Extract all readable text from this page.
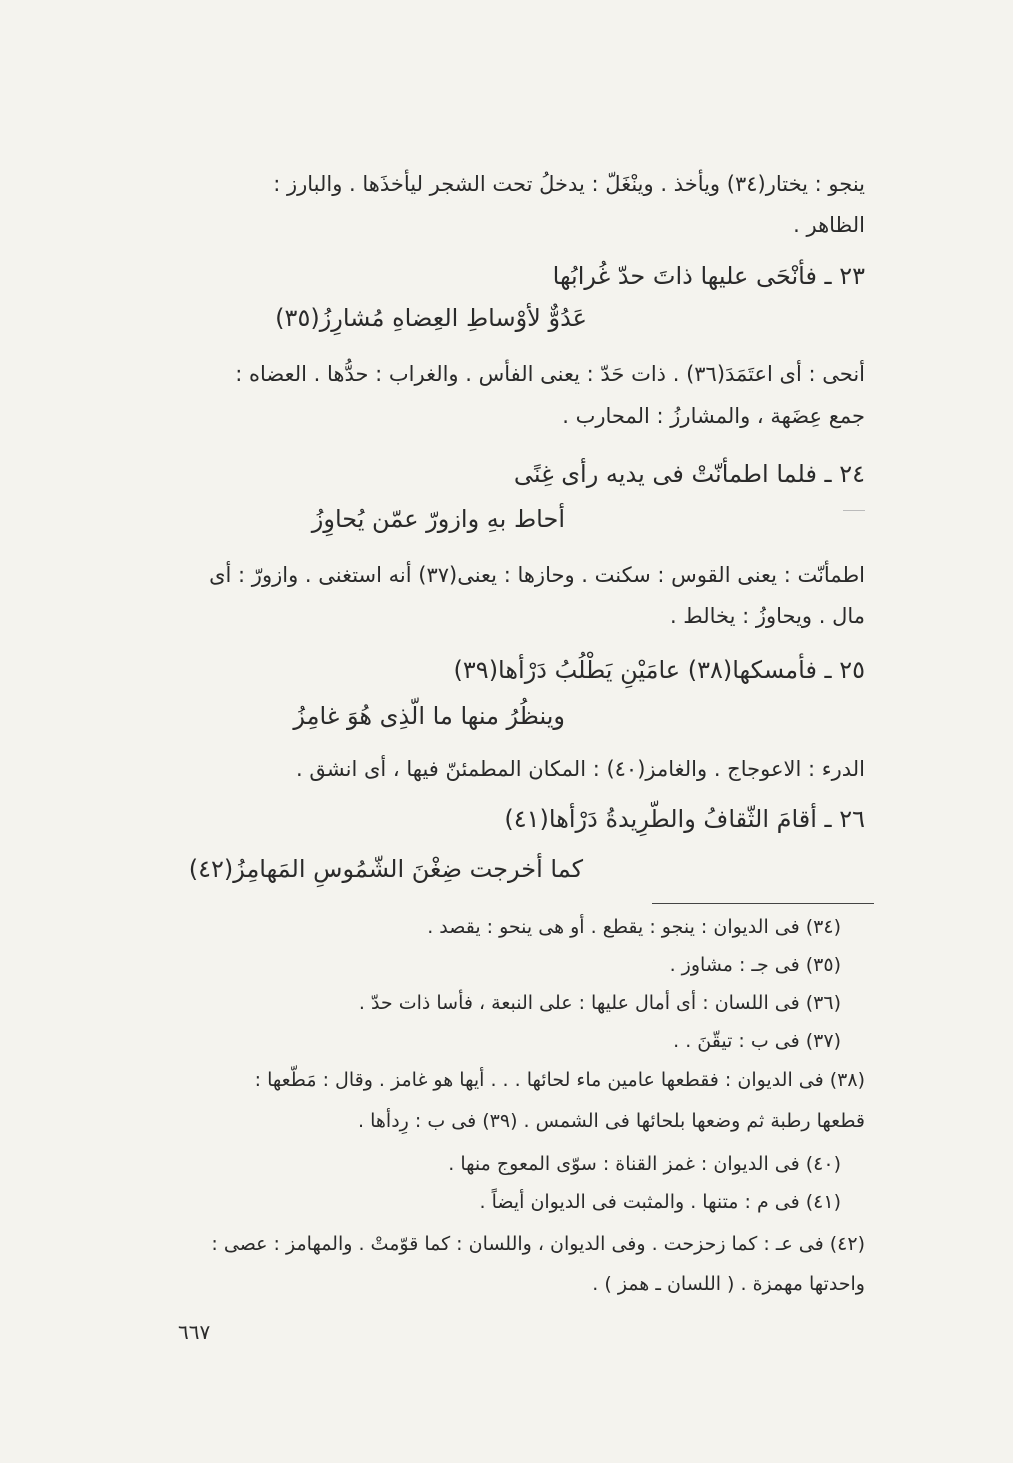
ينجو : يختار(٣٤) ويأخذ . وينْغَلّ : يدخلُ تحت الشجر ليأخذَها . والبارز :
الظاهر .
٢٣ ـ فأنْحَى عليها ذاتَ حدّ غُرابُها
عَدُوٌّ لأوْساطِ العِضاهِ مُشارِزُ(٣٥)
أنحى : أى اعتَمَدَ(٣٦) . ذات حَدّ : يعنى الفأس . والغراب : حدُّها . العضاه :
جمع عِضَهة ، والمشارزُ : المحارب .
٢٤ ـ فلما اطمأنّتْ فى يديه رأى غِنًى
أحاط بهِ وازورّ عمّن يُحاوِزُ
اطمأنّت : يعنى القوس : سكنت . وحازها : يعنى(٣٧) أنه استغنى . وازورّ : أى
مال . ويحاوزُ : يخالط .
٢٥ ـ فأمسكها(٣٨) عامَيْنِ يَطْلُبُ دَرْأها(٣٩)
وينظُرُ منها ما الّذِى هُوَ غامِزُ
الدرء : الاعوجاج . والغامز(٤٠) : المكان المطمئنّ فيها ، أى انشق .
٢٦ ـ أقامَ الثّقافُ والطّرِيدةُ دَرْأها(٤١)
كما أخرجت ضِغْنَ الشّمُوسِ المَهامِزُ(٤٢)
(٣٤) فى الديوان : ينجو : يقطع . أو هى ينحو : يقصد .
(٣٥) فى جـ : مشاوز .
(٣٦) فى اللسان : أى أمال عليها : على النبعة ، فأسا ذات حدّ .
(٣٧) فى ب : تيقّنَ . .
(٣٨) فى الديوان : فقطعها عامين ماء لحائها . . . أيها هو غامز . وقال : مَطّعها :
قطعها رطبة ثم وضعها بلحائها فى الشمس . (٣٩) فى ب : رِدأها .
(٤٠) فى الديوان : غمز القناة : سوّى المعوج منها .
(٤١) فى م : متنها . والمثبت فى الديوان أيضاً .
(٤٢) فى عـ : كما زحزحت . وفى الديوان ، واللسان : كما قوّمتْ . والمهامز : عصى :
واحدتها مهمزة . ( اللسان ـ همز ) .
٦٦٧
